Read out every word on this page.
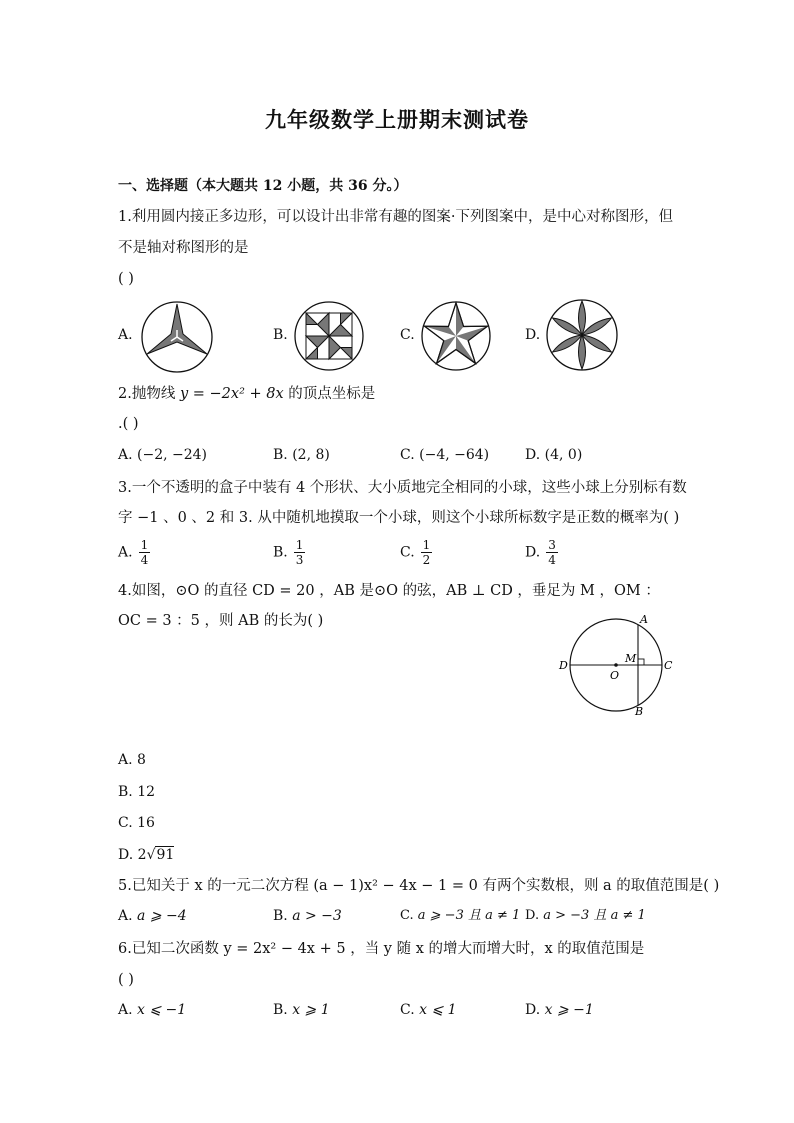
九年级数学上册期末测试卷
一、选择题（本大题共 12 小题，共 36 分。）
1.利用圆内接正多边形，可以设计出非常有趣的图案·下列图案中，是中心对称图形，但
不是轴对称图形的是
( )
A.	B.	C.	D.
2.抛物线 y = −2x² + 8x 的顶点坐标是
.( )
A. (−2, −24)	B. (2, 8)	C. (−4, −64)	D. (4, 0)
3.一个不透明的盒子中装有 4 个形状、大小质地完全相同的小球，这些小球上分别标有数
字 −1 、0 、2 和 3. 从中随机地摸取一个小球，则这个小球所标数字是正数的概率为( )
A. $\frac{1}{4}$	B. $\frac{1}{3}$	C. $\frac{1}{2}$	D. $\frac{3}{4}$
4.如图，⊙O 的直径 CD = 20 ，AB 是⊙O 的弦，AB ⊥ CD ，垂足为 M ，OM ：
OC = 3 ：5 ，则 AB 的长为( )	A
B
C
D
M
O
A. 8
B. 12
C. 16
D. 2√91
5.已知关于 x 的一元二次方程 (a − 1)x² − 4x − 1 = 0 有两个实数根，则 a 的取值范围是( )
A. a ⩾ −4	B. a > −3	C. a ⩾ −3 且 a ≠ 1 D. a > −3 且 a ≠ 1
6.已知二次函数 y = 2x² − 4x + 5 ，当 y 随 x 的增大而增大时，x 的取值范围是
( )
A. x ⩽ −1	B. x ⩾ 1	C. x ⩽ 1	D. x ⩾ −1
